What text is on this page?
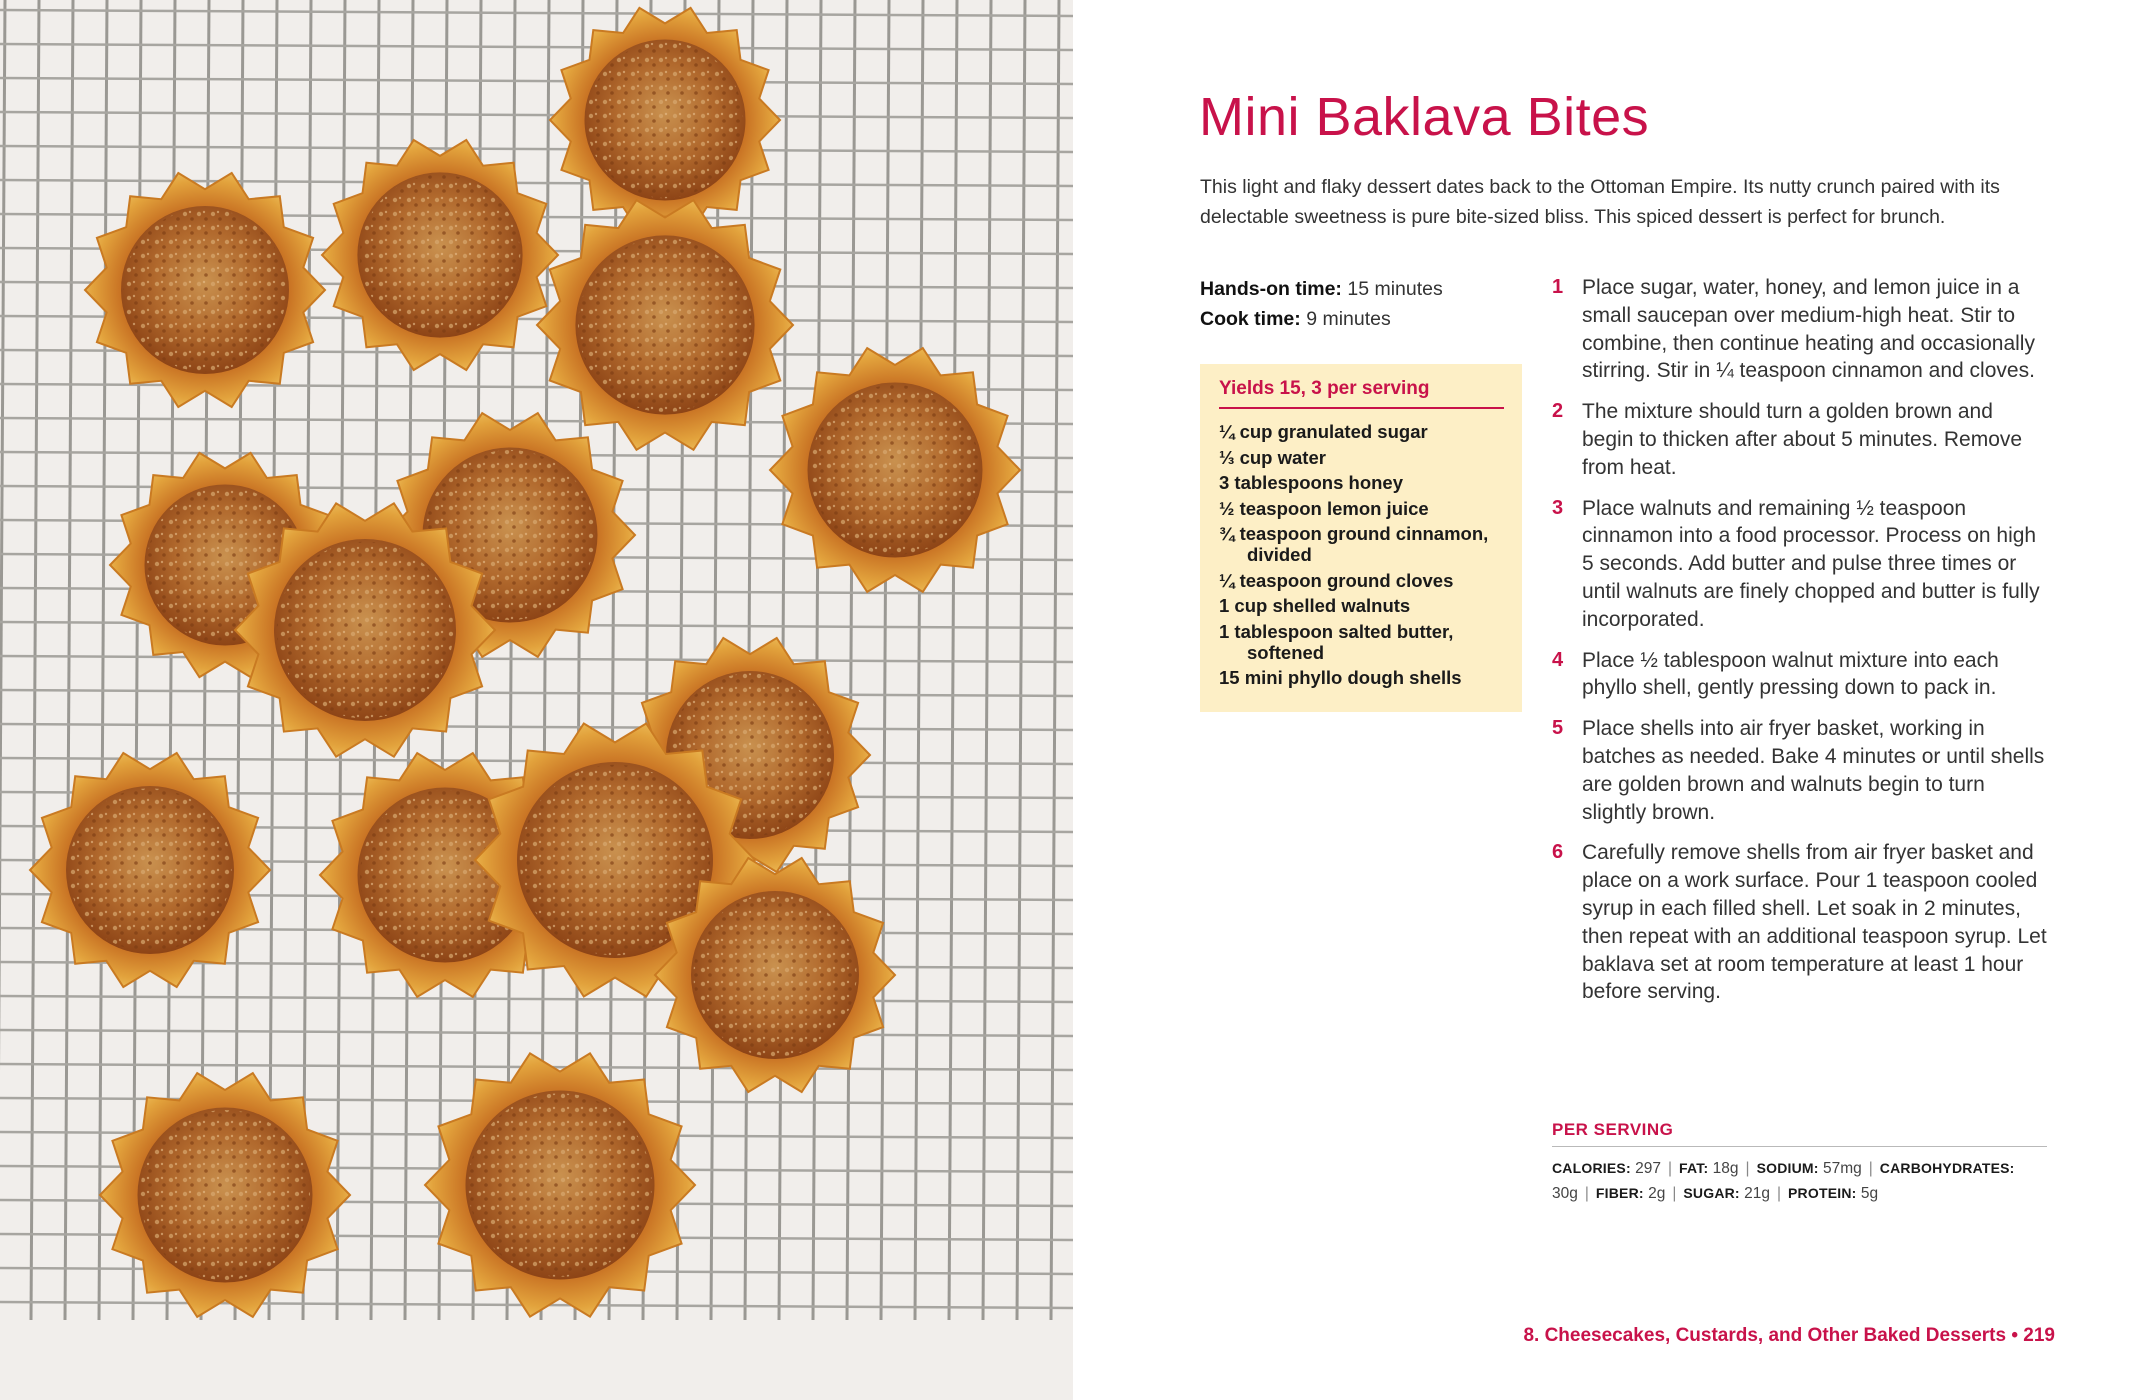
Mini Baklava Bites

This light and flaky dessert dates back to the Ottoman Empire. Its nutty crunch paired with its delectable sweetness is pure bite-sized bliss. This spiced dessert is perfect for brunch.

Hands-on time: 15 minutes
Cook time: 9 minutes
Yields 15, 3 per serving
¼ cup granulated sugar
⅓ cup water
3 tablespoons honey
½ teaspoon lemon juice
¾ teaspoon ground cinnamon, divided
¼ teaspoon ground cloves
1 cup shelled walnuts
1 tablespoon salted butter, softened
15 mini phyllo dough shells
1 Place sugar, water, honey, and lemon juice in a small saucepan over medium-high heat. Stir to combine, then continue heating and occasionally stirring. Stir in ¼ teaspoon cinnamon and cloves.
2 The mixture should turn a golden brown and begin to thicken after about 5 minutes. Remove from heat.
3 Place walnuts and remaining ½ teaspoon cinnamon into a food processor. Process on high 5 seconds. Add butter and pulse three times or until walnuts are finely chopped and butter is fully incorporated.
4 Place ½ tablespoon walnut mixture into each phyllo shell, gently pressing down to pack in.
5 Place shells into air fryer basket, working in batches as needed. Bake 4 minutes or until shells are golden brown and walnuts begin to turn slightly brown.
6 Carefully remove shells from air fryer basket and place on a work surface. Pour 1 teaspoon cooled syrup in each filled shell. Let soak in 2 minutes, then repeat with an additional teaspoon syrup. Let baklava set at room temperature at least 1 hour before serving.
PER SERVING
CALORIES: 297 | FAT: 18g | SODIUM: 57mg | CARBOHYDRATES: 30g | FIBER: 2g | SUGAR: 21g | PROTEIN: 5g
8. Cheesecakes, Custards, and Other Baked Desserts • 219
